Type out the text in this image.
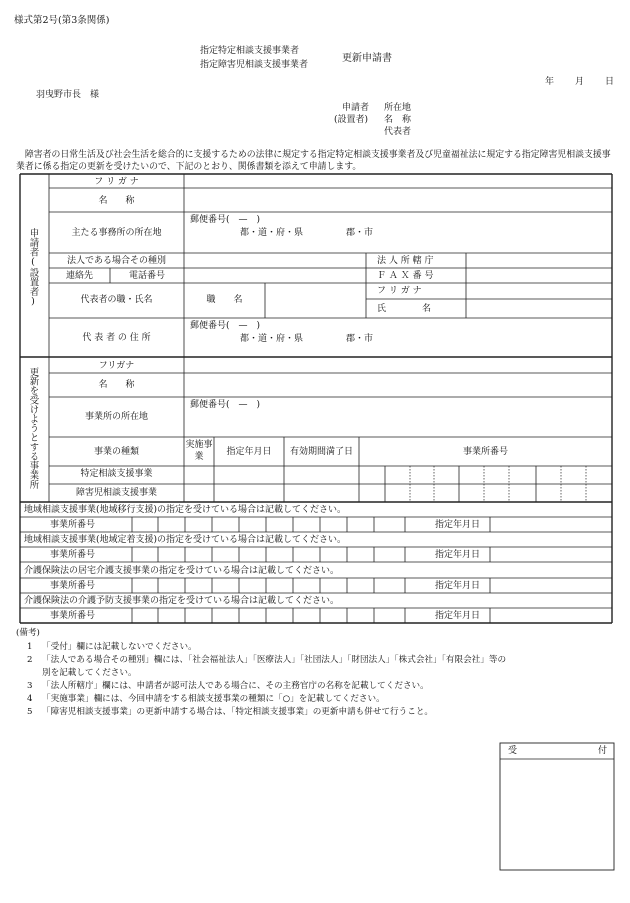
様式第2号(第3条関係)
指定特定相談支援事業者
指定障害児相談支援事業者
更新申請書
年 月 日
羽曳野市長　様
申請者
(設置者)
所在地
名　称
代表者
　障害者の日常生活及び社会生活を総合的に支援するための法律に規定する指定特定相談支援事業者及び児童福祉法に規定する指定障害児相談支援事業者に係る指定の更新を受けたいので、下記のとおり、関係書類を添えて申請します。
申請者(設置者)
フ リ ガ ナ
名　　称
主たる事務所の所在地
郵便番号(　—　)
都・道・府・県	郡・市
法人である場合その種別	法 人 所 轄 庁
連絡先	電話番号	Ｆ Ａ Ｘ 番 号
代表者の職・氏名	職　　名
フ リ ガ ナ
氏　　　　名
代 表 者 の 住 所
郵便番号(　—　)
都・道・府・県	郡・市
更新を受けようとする事業所
フリガナ
名　　称
事業所の所在地
郵便番号(　—　)
事業の種類
実施事業	指定年月日	有効期間満了日	事業所番号
特定相談支援事業
障害児相談支援事業
地域相談支援事業(地域移行支援)の指定を受けている場合は記載してください。
事業所番号	指定年月日
地域相談支援事業(地域定着支援)の指定を受けている場合は記載してください。
事業所番号	指定年月日
介護保険法の居宅介護支援事業の指定を受けている場合は記載してください。
事業所番号	指定年月日
介護保険法の介護予防支援事業の指定を受けている場合は記載してください。
事業所番号	指定年月日
(備考)
1 「受付」欄には記載しないでください。
2 「法人である場合その種別」欄には、「社会福祉法人」「医療法人」「社団法人」「財団法人」「株式会社」「有限会社」等の
別を記載してください。
3 「法人所轄庁」欄には、申請者が認可法人である場合に、その主務官庁の名称を記載してください。
4 「実施事業」欄には、今回申請をする相談支援事業の種類に「○」を記載してください。
5 「障害児相談支援事業」の更新申請する場合は、「特定相談支援事業」の更新申請も併せて行うこと。
受	付
